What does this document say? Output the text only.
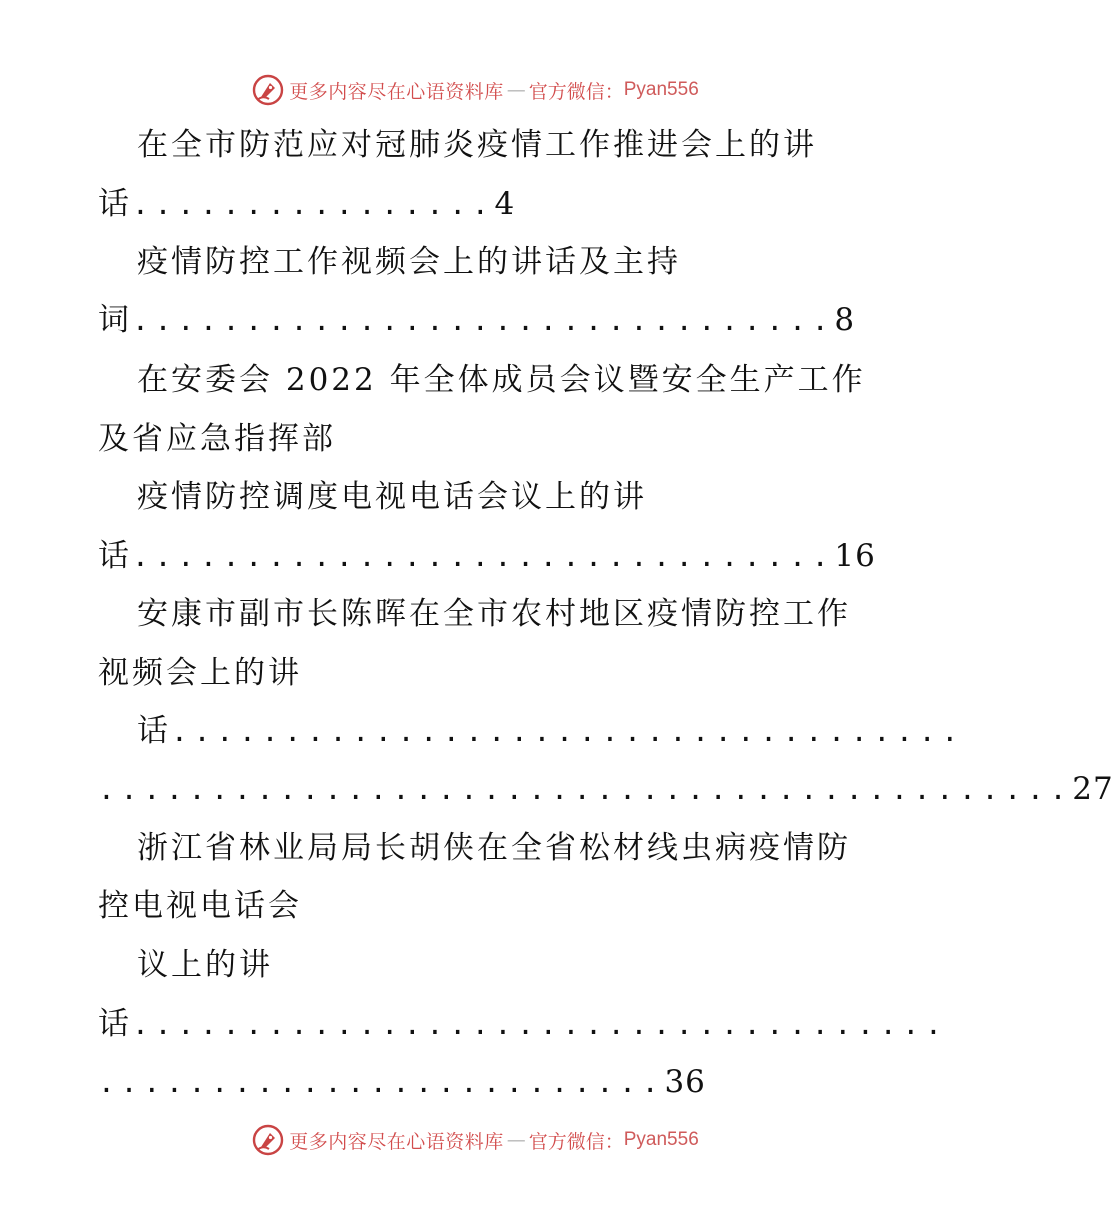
更多内容尽在心语资料库 — 官方微信： Pyan556
在全市防范应对冠肺炎疫情工作推进会上的讲
话................4
疫情防控工作视频会上的讲话及主持
词...............................8
在安委会 2022 年全体成员会议暨安全生产工作
及省应急指挥部
疫情防控调度电视电话会议上的讲
话...............................16
安康市副市长陈晖在全市农村地区疫情防控工作
视频会上的讲
话...................................
...........................................27
浙江省林业局局长胡侠在全省松材线虫病疫情防
控电视电话会
议上的讲
话....................................
.........................36
更多内容尽在心语资料库 — 官方微信： Pyan556
